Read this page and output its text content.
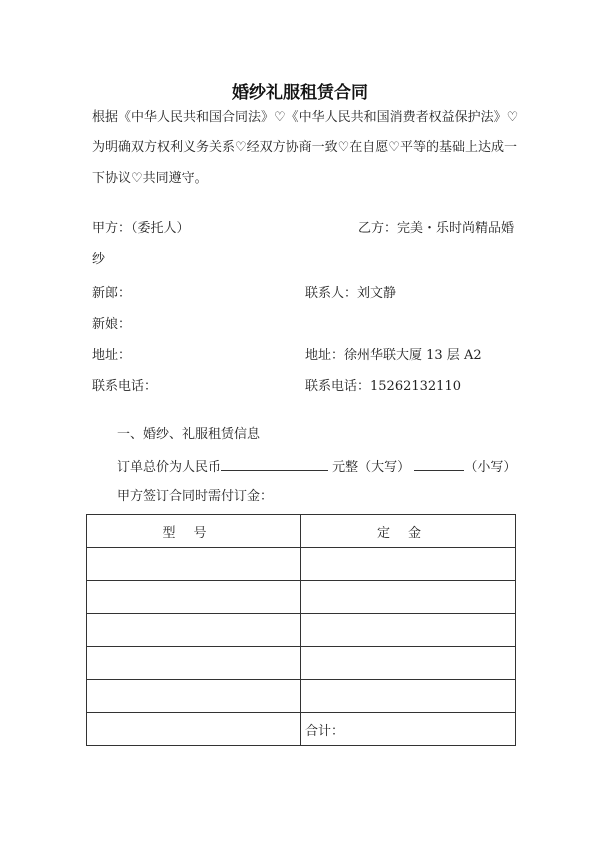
婚纱礼服租赁合同
根据《中华人民共和国合同法》♡《中华人民共和国消费者权益保护法》♡
为明确双方权利义务关系♡经双方协商一致♡在自愿♡平等的基础上达成一
下协议♡共同遵守。
甲方：（委托人）	乙方：完美・乐时尚精品婚
纱
新郎：	联系人：刘文静
新娘：
地址：	地址：徐州华联大厦 13 层 A2
联系电话：	联系电话：15262132110
一、婚纱、礼服租赁信息
订单总价为人民币	元整（大写）	（小写）
甲方签订合同时需付订金：
型号	定金

	合计：
